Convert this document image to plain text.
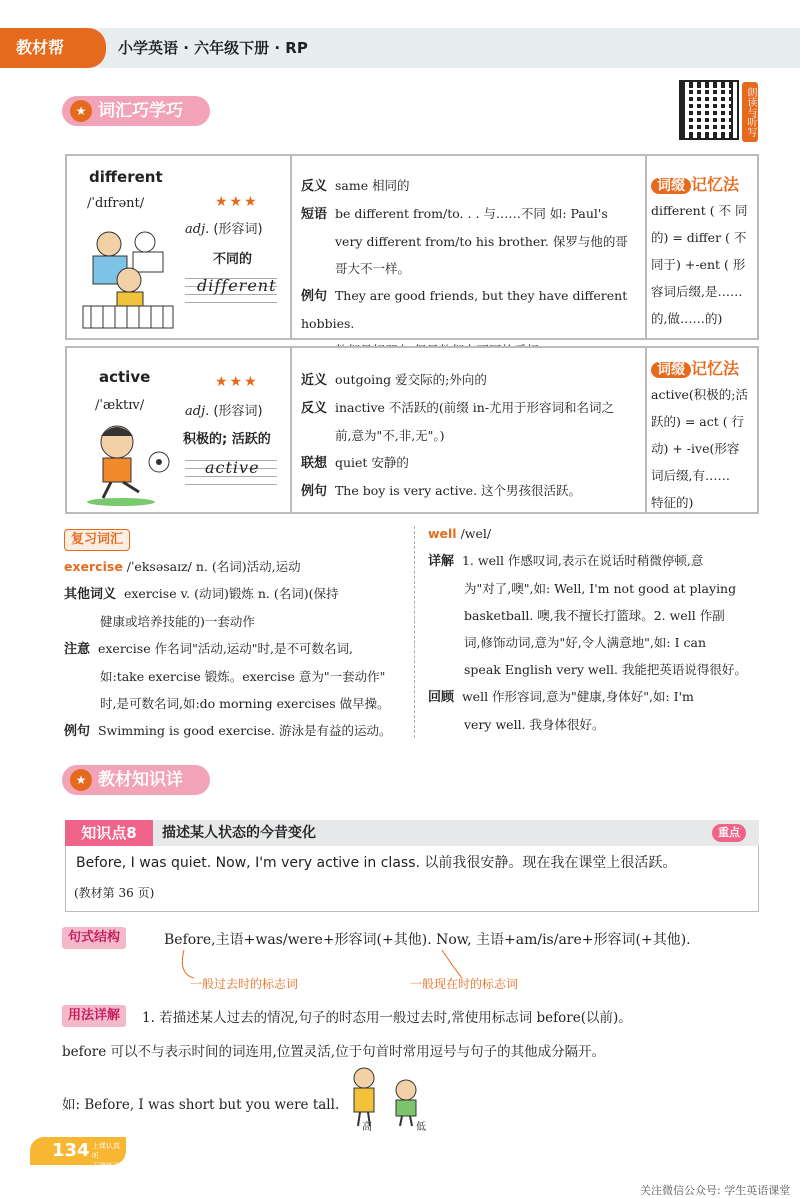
教材帮	小学英语 · 六年级下册 · RP
朗读与听写
★ 词汇巧学巧记
different
/ˈdɪfrənt/	★★★
adj. (形容词)
不同的
different
反义 same 相同的
短语 be different from/to. . . 与……不同 如: Paul's
very different from/to his brother. 保罗与他的哥
哥大不一样。
例句 They are good friends, but they have different hobbies.
词缀 记忆法
different ( 不 同
的) = differ ( 不
同于) +-ent ( 形
容词后缀,是……
的,做……的)
active
/ˈæktɪv/
★★★
adj. (形容词)
积极的; 活跃的
active
近义 outgoing 爱交际的;外向的
反义 inactive 不活跃的(前缀 in-尤用于形容词和名词之
前,意为"不,非,无"。)
联想 quiet 安静的
例句 The boy is very active. 这个男孩很活跃。
词缀 记忆法
active(积极的;活
跃的) = act ( 行
动) + -ive(形容
词后缀,有……
特征的)
复习词汇
exercise /ˈeksəsaɪz/ n. (名词)活动,运动
其他词义 exercise v. (动词)锻炼 n. (名词)(保持
健康或培养技能的)一套动作
注意 exercise 作名词"活动,运动"时,是不可数名词,
如:take exercise 锻炼。exercise 意为"一套动作"
时,是可数名词,如:do morning exercises 做早操。
例句 Swimming is good exercise. 游泳是有益的运动。
well /wel/
详解 1. well 作感叹词,表示在说话时稍微停顿,意
为"对了,噢",如: Well, I'm not good at playing
basketball. 噢,我不擅长打篮球。2. well 作副
词,修饰动词,意为"好,令人满意地",如: I can
speak English very well. 我能把英语说得很好。
回顾 well 作形容词,意为"健康,身体好",如: I'm
very well. 我身体很好。
★ 教材知识详解
知识点8	描述某人状态的今昔变化	重点
Before, I was quiet. Now, I'm very active in class. 以前我很安静。现在我在课堂上很活跃。
(教材第 36 页)
句式结构	Before,主语+was/were+形容词(+其他). Now, 主语+am/is/are+形容词(+其他).
一般过去时的标志词	一般现在时的标志词
用法详解	1. 若描述某人过去的情况,句子的时态用一般过去时,常使用标志词 before(以前)。
before 可以不与表示时间的词连用,位置灵活,位于句首时常用逗号与句子的其他成分隔开。
如: Before, I was short but you were tall.
高	低
134 上课认真听
下课练天天
关注微信公众号: 学生英语课堂
